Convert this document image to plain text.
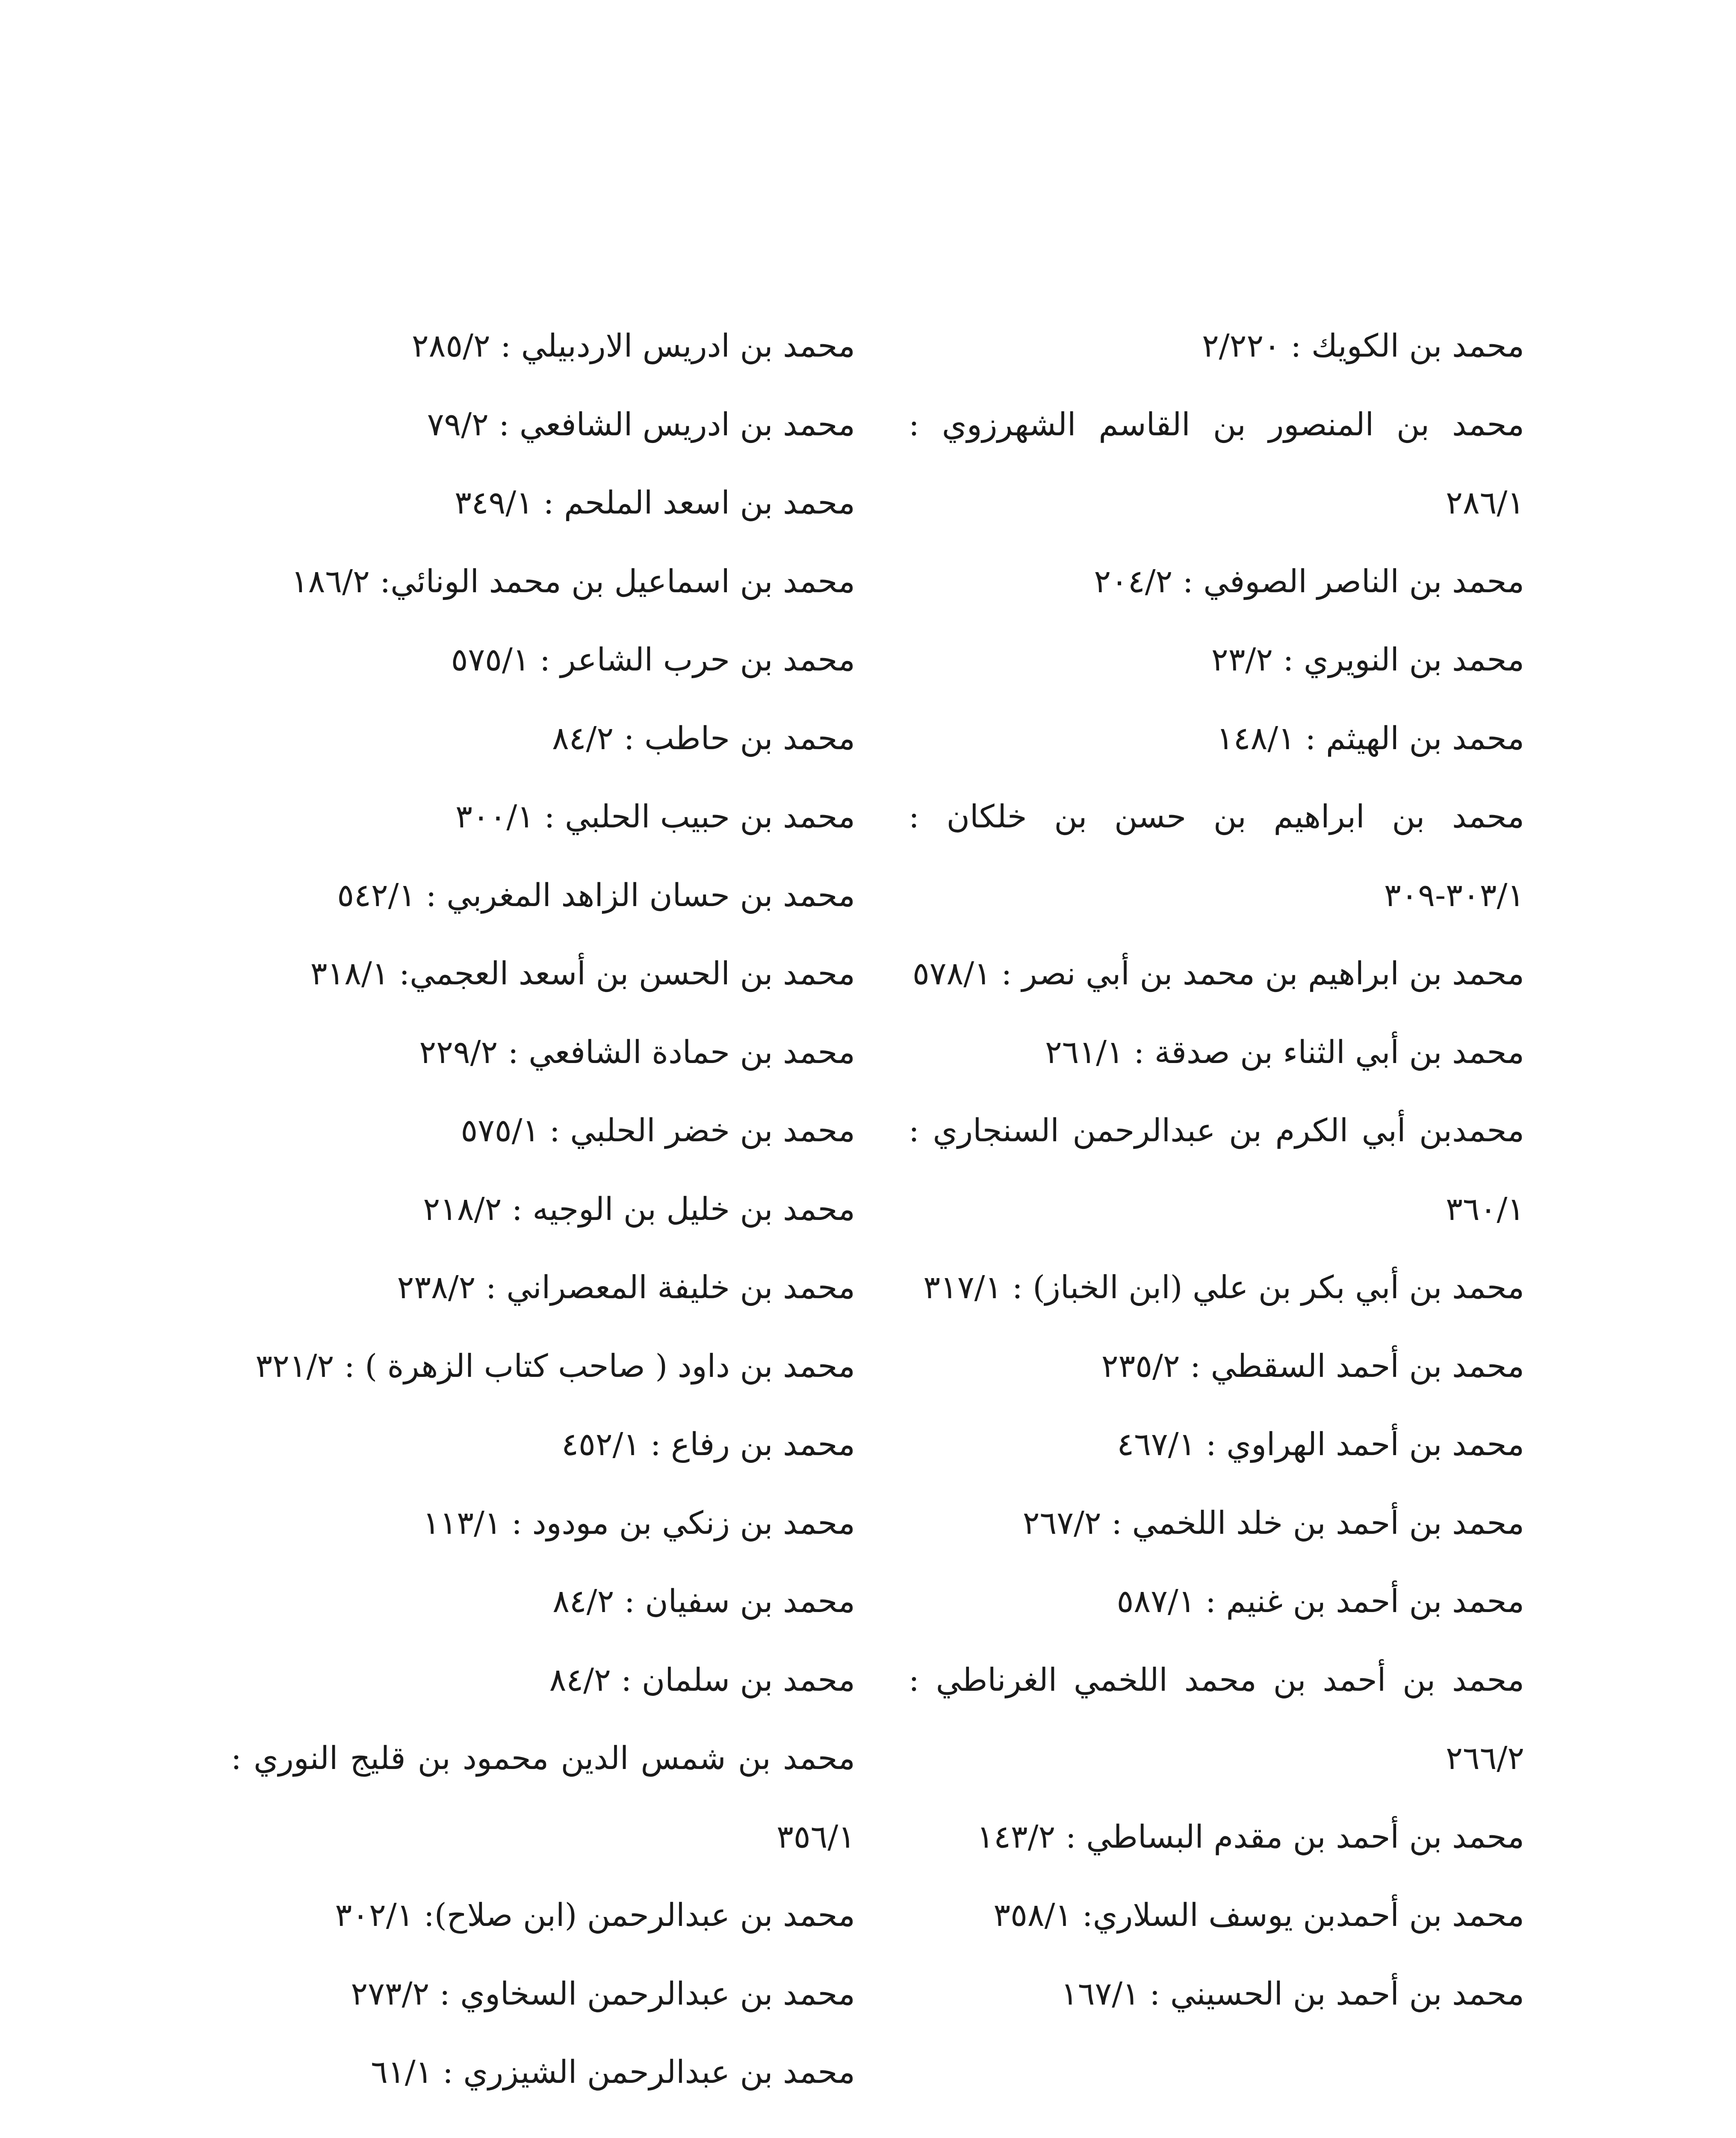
محمد بن الكويك : ٢/٢٢٠
محمد بن المنصور بن القاسم الشهرزوي : ٢٨٦/١
محمد بن الناصر الصوفي : ٢٠٤/٢
محمد بن النويري : ٢٣/٢
محمد بن الهيثم : ١٤٨/١
محمد بن ابراهيم بن حسن بن خلكان : ٣٠٣/١-٣٠٩
محمد بن ابراهيم بن محمد بن أبي نصر : ٥٧٨/١
محمد بن أبي الثناء بن صدقة : ٢٦١/١
محمدبن أبي الكرم بن عبدالرحمن السنجاري : ٣٦٠/١
محمد بن أبي بكر بن علي (ابن الخباز) : ٣١٧/١
محمد بن أحمد السقطي : ٢٣٥/٢
محمد بن أحمد الهراوي : ٤٦٧/١
محمد بن أحمد بن خلد اللخمي : ٢٦٧/٢
محمد بن أحمد بن غنيم : ٥٨٧/١
محمد بن أحمد بن محمد اللخمي الغرناطي : ٢٦٦/٢
محمد بن أحمد بن مقدم البساطي : ١٤٣/٢
محمد بن أحمدبن يوسف السلاري: ٣٥٨/١
محمد بن أحمد بن الحسيني : ١٦٧/١
محمد بن ادريس الاردبيلي : ٢٨٥/٢
محمد بن ادريس الشافعي : ٧٩/٢
محمد بن اسعد الملحم : ٣٤٩/١
محمد بن اسماعيل بن محمد الونائي: ١٨٦/٢
محمد بن حرب الشاعر : ٥٧٥/١
محمد بن حاطب : ٨٤/٢
محمد بن حبيب الحلبي : ٣٠٠/١
محمد بن حسان الزاهد المغربي : ٥٤٢/١
محمد بن الحسن بن أسعد العجمي: ٣١٨/١
محمد بن حمادة الشافعي : ٢٢٩/٢
محمد بن خضر الحلبي : ٥٧٥/١
محمد بن خليل بن الوجيه : ٢١٨/٢
محمد بن خليفة المعصراني : ٢٣٨/٢
محمد بن داود ( صاحب كتاب الزهرة ) : ٣٢١/٢
محمد بن رفاع : ٤٥٢/١
محمد بن زنكي بن مودود : ١١٣/١
محمد بن سفيان : ٨٤/٢
محمد بن سلمان : ٨٤/٢
محمد بن شمس الدين محمود بن قليج النوري : ٣٥٦/١
محمد بن عبدالرحمن (ابن صلاح): ٣٠٢/١
محمد بن عبدالرحمن السخاوي : ٢٧٣/٢
محمد بن عبدالرحمن الشيزري : ٦١/١
